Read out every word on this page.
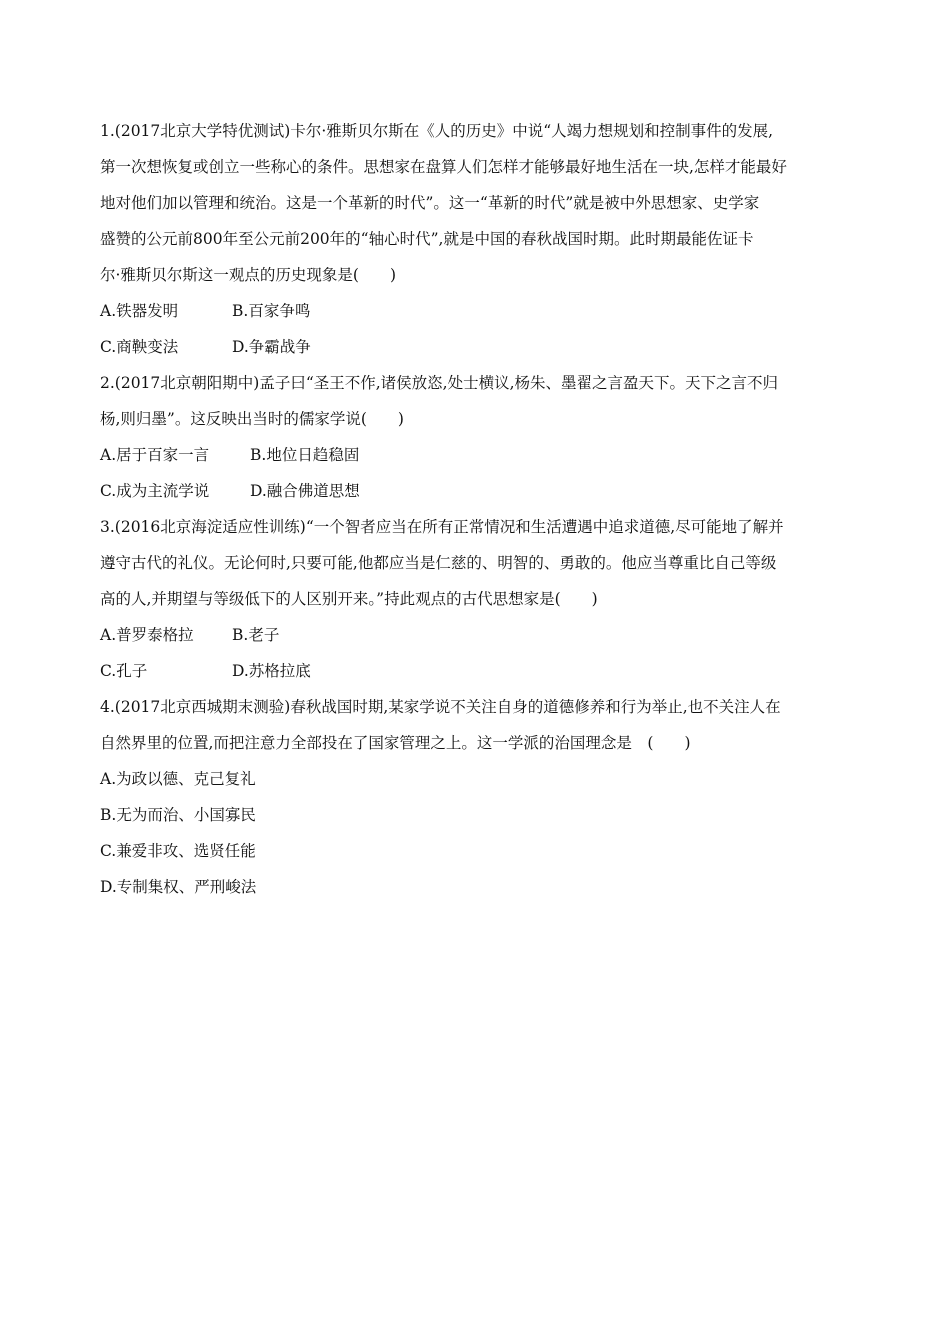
1.(2017北京大学特优测试)卡尔·雅斯贝尔斯在《人的历史》中说“人竭力想规划和控制事件的发展,
第一次想恢复或创立一些称心的条件。思想家在盘算人们怎样才能够最好地生活在一块,怎样才能最好
地对他们加以管理和统治。这是一个革新的时代”。这一“革新的时代”就是被中外思想家、史学家
盛赞的公元前800年至公元前200年的“轴心时代”,就是中国的春秋战国时期。此时期最能佐证卡
尔·雅斯贝尔斯这一观点的历史现象是(　　)
A.铁器发明	B.百家争鸣
C.商鞅变法	D.争霸战争
2.(2017北京朝阳期中)孟子曰“圣王不作,诸侯放恣,处士横议,杨朱、墨翟之言盈天下。天下之言不归
杨,则归墨”。这反映出当时的儒家学说(　　)
A.居于百家一言	B.地位日趋稳固
C.成为主流学说	D.融合佛道思想
3.(2016北京海淀适应性训练)“一个智者应当在所有正常情况和生活遭遇中追求道德,尽可能地了解并
遵守古代的礼仪。无论何时,只要可能,他都应当是仁慈的、明智的、勇敢的。他应当尊重比自己等级
高的人,并期望与等级低下的人区别开来。”持此观点的古代思想家是(　　)
A.普罗泰格拉	B.老子
C.孔子	D.苏格拉底
4.(2017北京西城期末测验)春秋战国时期,某家学说不关注自身的道德修养和行为举止,也不关注人在
自然界里的位置,而把注意力全部投在了国家管理之上。这一学派的治国理念是　(　　)
A.为政以德、克己复礼
B.无为而治、小国寡民
C.兼爱非攻、选贤任能
D.专制集权、严刑峻法
